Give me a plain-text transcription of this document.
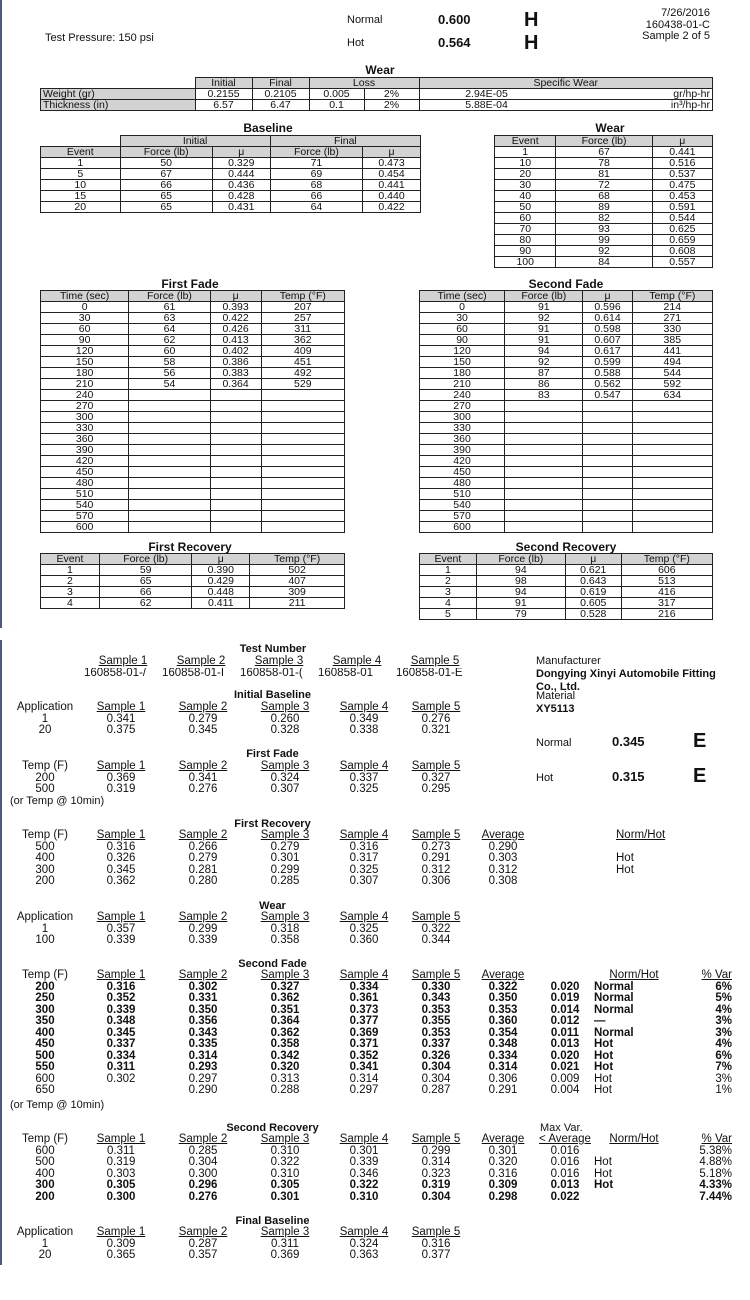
Test Pressure: 150 psi
Normal	0.600	H
Hot	0.564	H
7/26/2016
160438-01-C
Sample 2 of 5
Wear
	Initial	Final	Loss		Specific Wear	
Weight (gr)	0.2155	0.2105	0.005	2%	2.94E-05	gr/hp-hr
Thickness (in)	6.57	6.47	0.1	2%	5.88E-04	in³/hp-hr
Baseline
	Initial		Final	
Event	Force (lb)	μ	Force (lb)	μ
1	50	0.329	71	0.473
5	67	0.444	69	0.454
10	66	0.436	68	0.441
15	65	0.428	66	0.440
20	65	0.431	64	0.422
Wear
Event	Force (lb)	μ
1	67	0.441
10	78	0.516
20	81	0.537
30	72	0.475
40	68	0.453
50	89	0.591
60	82	0.544
70	93	0.625
80	99	0.659
90	92	0.608
100	84	0.557
First Fade
Time (sec)	Force (lb)	μ	Temp (°F)
0	61	0.393	207
30	63	0.422	257
60	64	0.426	311
90	62	0.413	362
120	60	0.402	409
150	58	0.386	451
180	56	0.383	492
210	54	0.364	529
240			
270			
300			
330			
360			
390			
420			
450			
480			
510			
540			
570			
600			
Second Fade
Time (sec)	Force (lb)	μ	Temp (°F)
0	91	0.596	214
30	92	0.614	271
60	91	0.598	330
90	91	0.607	385
120	94	0.617	441
150	92	0.599	494
180	87	0.588	544
210	86	0.562	592
240	83	0.547	634
270			
300			
330			
360			
390			
420			
450			
480			
510			
540			
570			
600			
First Recovery
Event	Force (lb)	μ	Temp (°F)
1	59	0.390	502
2	65	0.429	407
3	66	0.448	309
4	62	0.411	211
Second Recovery
Event	Force (lb)	μ	Temp (°F)
1	94	0.621	606
2	98	0.643	513
3	94	0.619	416
4	91	0.605	317
5	79	0.528	216
Test Number
Sample 1	Sample 2	Sample 3	Sample 4	Sample 5
160858-01-/	160858-01-I	160858-01-(	160858-01	160858-01-E
Manufacturer
Dongying Xinyi Automobile Fitting Co., Ltd.
Material
XY5113
Normal	0.345 E
Hot	0.315 E
Initial Baseline
Application	Sample 1	Sample 2	Sample 3	Sample 4	Sample 5
1	0.341	0.279	0.260	0.349	0.276
20	0.375	0.345	0.328	0.338	0.321
First Fade
Temp (F)	Sample 1	Sample 2	Sample 3	Sample 4	Sample 5
200	0.369	0.341	0.324	0.337	0.327
500	0.319	0.276	0.307	0.325	0.295
(or Temp @ 10min)
First Recovery
Temp (F)	Sample 1	Sample 2	Sample 3	Sample 4	Sample 5	Average	Norm/Hot
500	0.316	0.266	0.279	0.316	0.273	0.290	
400	0.326	0.279	0.301	0.317	0.291	0.303	Hot
300	0.345	0.281	0.299	0.325	0.312	0.312	Hot
200	0.362	0.280	0.285	0.307	0.306	0.308	
Wear
Application	Sample 1	Sample 2	Sample 3	Sample 4	Sample 5
1	0.357	0.299	0.318	0.325	0.322
100	0.339	0.339	0.358	0.360	0.344
Second Fade
Temp (F)	Sample 1	Sample 2	Sample 3	Sample 4	Sample 5	Average		Norm/Hot	% Var
200	0.316	0.302	0.327	0.334	0.330	0.322	0.020	Normal	6%
250	0.352	0.331	0.362	0.361	0.343	0.350	0.019	Normal	5%
300	0.339	0.350	0.351	0.373	0.353	0.353	0.014	Normal	4%
350	0.348	0.356	0.364	0.377	0.355	0.360	0.012	—	3%
400	0.345	0.343	0.362	0.369	0.353	0.354	0.011	Normal	3%
450	0.337	0.335	0.358	0.371	0.337	0.348	0.013	Hot	4%
500	0.334	0.314	0.342	0.352	0.326	0.334	0.020	Hot	6%
550	0.311	0.293	0.320	0.341	0.304	0.314	0.021	Hot	7%
600	0.302	0.297	0.313	0.314	0.304	0.306	0.009	Hot	3%
650		0.290	0.288	0.297	0.287	0.291	0.004	Hot	1%
(or Temp @ 10min)
Second Recovery	Max Var.
Temp (F)	Sample 1	Sample 2	Sample 3	Sample 4	Sample 5	Average	< Average	Norm/Hot	% Var
600	0.311	0.285	0.310	0.301	0.299	0.301	0.016		5.38%
500	0.319	0.304	0.322	0.339	0.314	0.320	0.016	Hot	4.88%
400	0.303	0.300	0.310	0.346	0.323	0.316	0.016	Hot	5.18%
300	0.305	0.296	0.305	0.322	0.319	0.309	0.013	Hot	4.33%
200	0.300	0.276	0.301	0.310	0.304	0.298	0.022		7.44%
Final Baseline
Application	Sample 1	Sample 2	Sample 3	Sample 4	Sample 5
1	0.309	0.287	0.311	0.324	0.316
20	0.365	0.357	0.369	0.363	0.377
